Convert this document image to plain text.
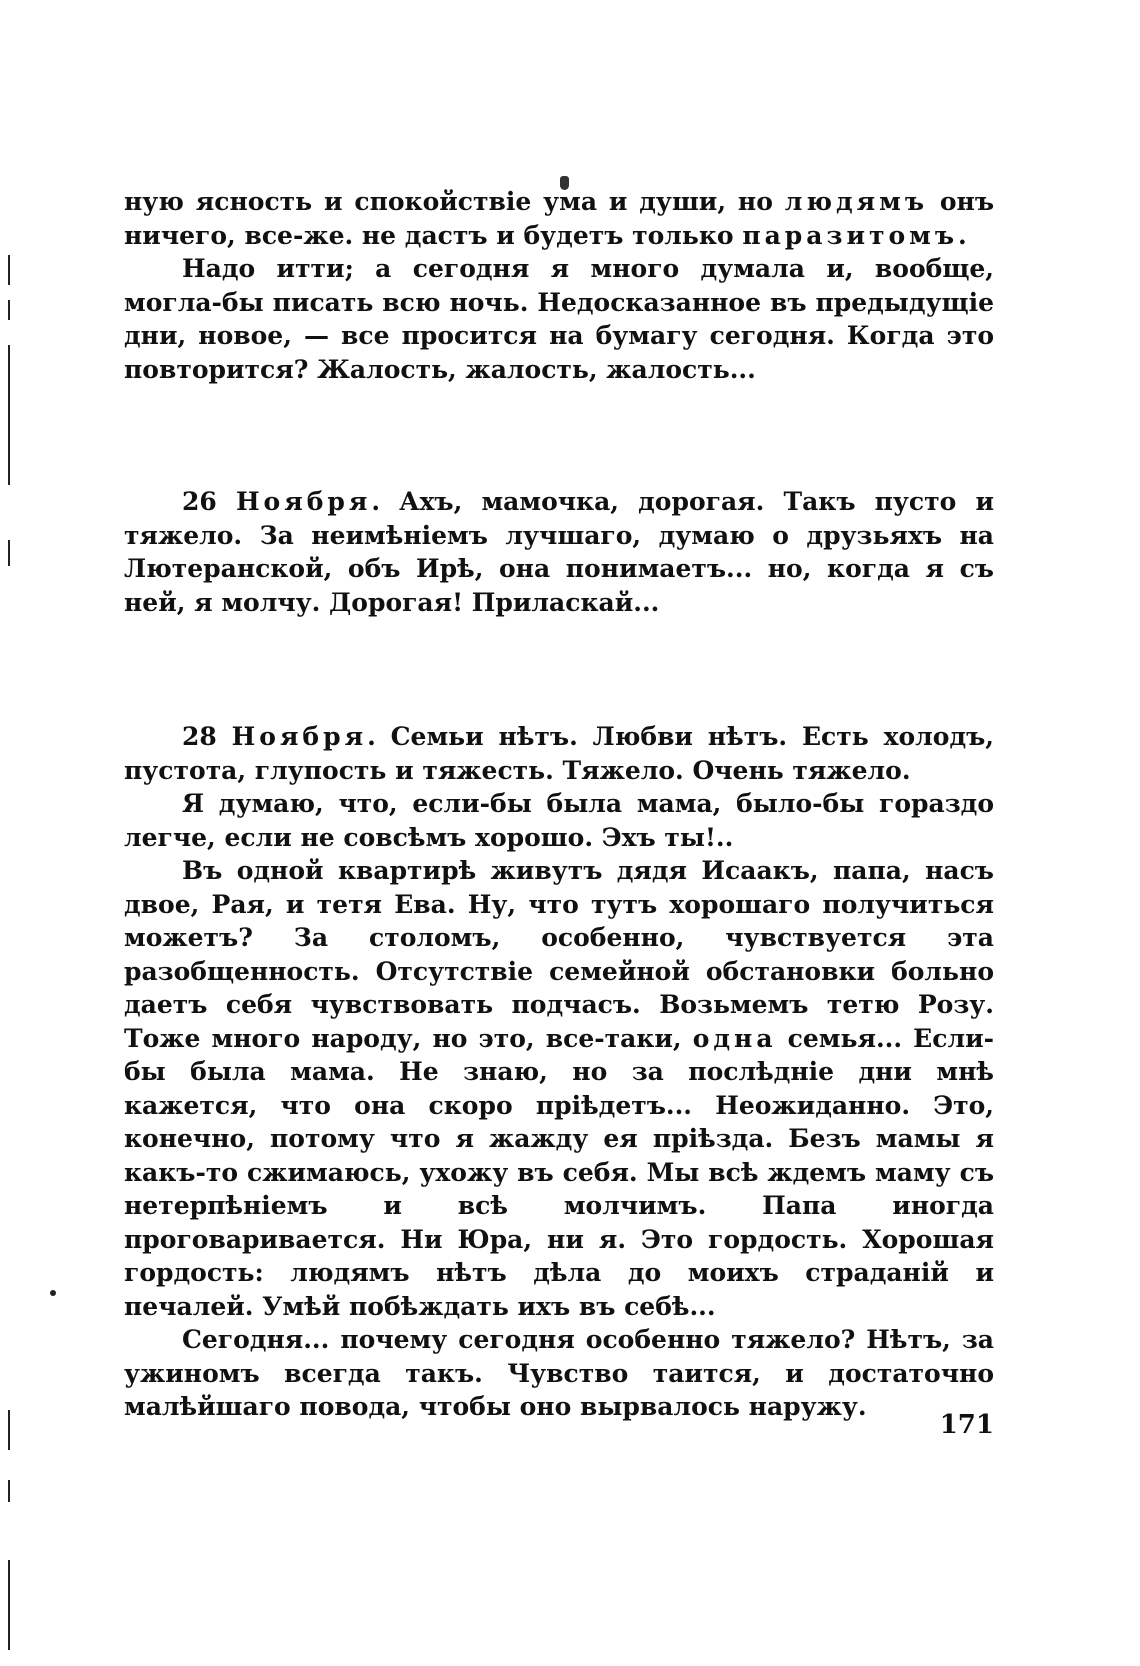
ную ясность и спокойствіе ума и души, но людямъ онъ ничего, все-же. не дастъ и будетъ только паразитомъ.

Надо итти; а сегодня я много думала и, вообще, могла-бы писать всю ночь. Недосказанное въ предыдущіе дни, новое, — все просится на бумагу сегодня. Когда это повторится? Жалость, жалость, жалость...

26 Ноября. Ахъ, мамочка, дорогая. Такъ пусто и тяжело. За неимѣніемъ лучшаго, думаю о друзьяхъ на Лютеранской, объ Ирѣ, она понимаетъ... но, когда я съ ней, я молчу. Дорогая! Приласкай...

28 Ноября. Семьи нѣтъ. Любви нѣтъ. Есть холодъ, пустота, глупость и тяжесть. Тяжело. Очень тяжело.

Я думаю, что, если-бы была мама, было-бы гораздо легче, если не совсѣмъ хорошо. Эхъ ты!..

Въ одной квартирѣ живутъ дядя Исаакъ, папа, насъ двое, Рая, и тетя Ева. Ну, что тутъ хорошаго получиться можетъ? За столомъ, особенно, чувствуется эта разобщенность. Отсутствіе семейной обстановки больно даетъ себя чувствовать подчасъ. Возьмемъ тетю Розу. Тоже много народу, но это, все-таки, одна семья... Если-бы была мама. Не знаю, но за послѣдніе дни мнѣ кажется, что она скоро пріѣдетъ... Неожиданно. Это, конечно, потому что я жажду ея пріѣзда. Безъ мамы я какъ-то сжимаюсь, ухожу въ себя. Мы всѣ ждемъ маму съ нетерпѣніемъ и всѣ молчимъ. Папа иногда проговаривается. Ни Юра, ни я. Это гордость. Хорошая гордость: людямъ нѣтъ дѣла до моихъ страданій и печалей. Умѣй побѣждать ихъ въ себѣ...

Сегодня... почему сегодня особенно тяжело? Нѣтъ, за ужиномъ всегда такъ. Чувство таится, и достаточно малѣйшаго повода, чтобы оно вырвалось наружу.

171
